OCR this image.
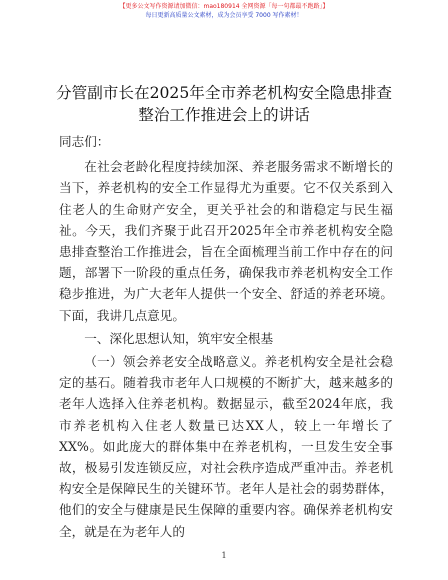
【更多公文写作资源请加微信：mao180914 全网资源「每一句都最不跑路」】
每日更新高质量公文素材，成为会员享受 7000 写作素材！
分管副市长在2025年全市养老机构安全隐患排查整治工作推进会上的讲话

同志们：

在社会老龄化程度持续加深、养老服务需求不断增长的当下，养老机构的安全工作显得尤为重要。它不仅关系到入住老人的生命财产安全，更关乎社会的和谐稳定与民生福祉。今天，我们齐聚于此召开2025年全市养老机构安全隐患排查整治工作推进会，旨在全面梳理当前工作中存在的问题，部署下一阶段的重点任务，确保我市养老机构安全工作稳步推进，为广大老年人提供一个安全、舒适的养老环境。下面，我讲几点意见。

一、深化思想认知，筑牢安全根基

（一）领会养老安全战略意义。养老机构安全是社会稳定的基石。随着我市老年人口规模的不断扩大，越来越多的老年人选择入住养老机构。数据显示，截至2024年底，我市养老机构入住老人数量已达XX人，较上一年增长了XX%。如此庞大的群体集中在养老机构，一旦发生安全事故，极易引发连锁反应，对社会秩序造成严重冲击。养老机构安全是保障民生的关键环节。老年人是社会的弱势群体，他们的安全与健康是民生保障的重要内容。确保养老机构安全，就是在为老年人的

1
